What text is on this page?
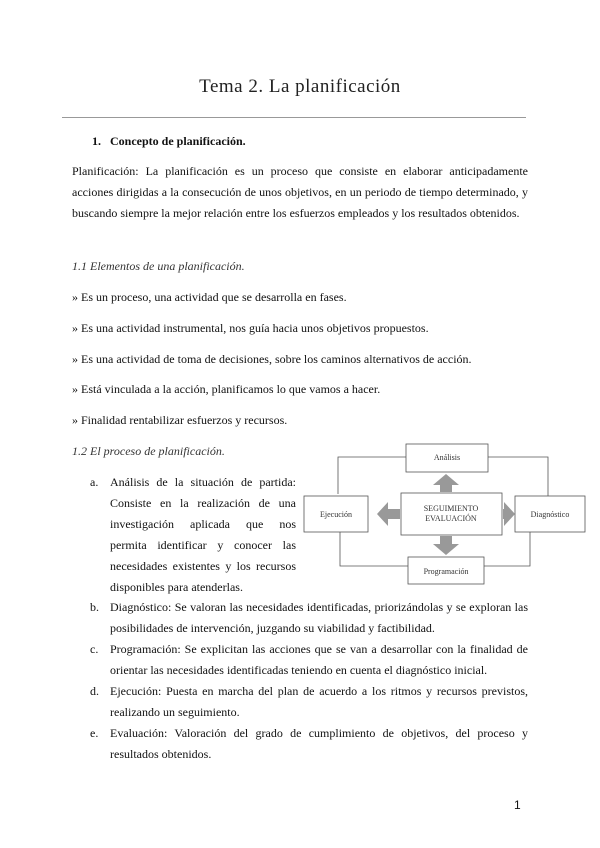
Tema 2. La planificación
1. Concepto de planificación.
Planificación: La planificación es un proceso que consiste en elaborar anticipadamente acciones dirigidas a la consecución de unos objetivos, en un periodo de tiempo determinado, y buscando siempre la mejor relación entre los esfuerzos empleados y los resultados obtenidos.
1.1 Elementos de una planificación.
» Es un proceso, una actividad que se desarrolla en fases.
» Es una actividad instrumental, nos guía hacia unos objetivos propuestos.
» Es una actividad de toma de decisiones, sobre los caminos alternativos de acción.
» Está vinculada a la acción, planificamos lo que vamos a hacer.
» Finalidad rentabilizar esfuerzos y recursos.
1.2 El proceso de planificación.
a. Análisis de la situación de partida: Consiste en la realización de una investigación aplicada que nos permita identificar y conocer las necesidades existentes y los recursos disponibles para atenderlas.
b. Diagnóstico: Se valoran las necesidades identificadas, priorizándolas y se exploran las posibilidades de intervención, juzgando su viabilidad y factibilidad.
c. Programación: Se explicitan las acciones que se van a desarrollar con la finalidad de orientar las necesidades identificadas teniendo en cuenta el diagnóstico inicial.
d. Ejecución: Puesta en marcha del plan de acuerdo a los ritmos y recursos previstos, realizando un seguimiento.
e. Evaluación: Valoración del grado de cumplimiento de objetivos, del proceso y resultados obtenidos.
Análisis
SEGUIMIENTO
EVALUACIÓN
Ejecución	Diagnóstico
Programación
1
